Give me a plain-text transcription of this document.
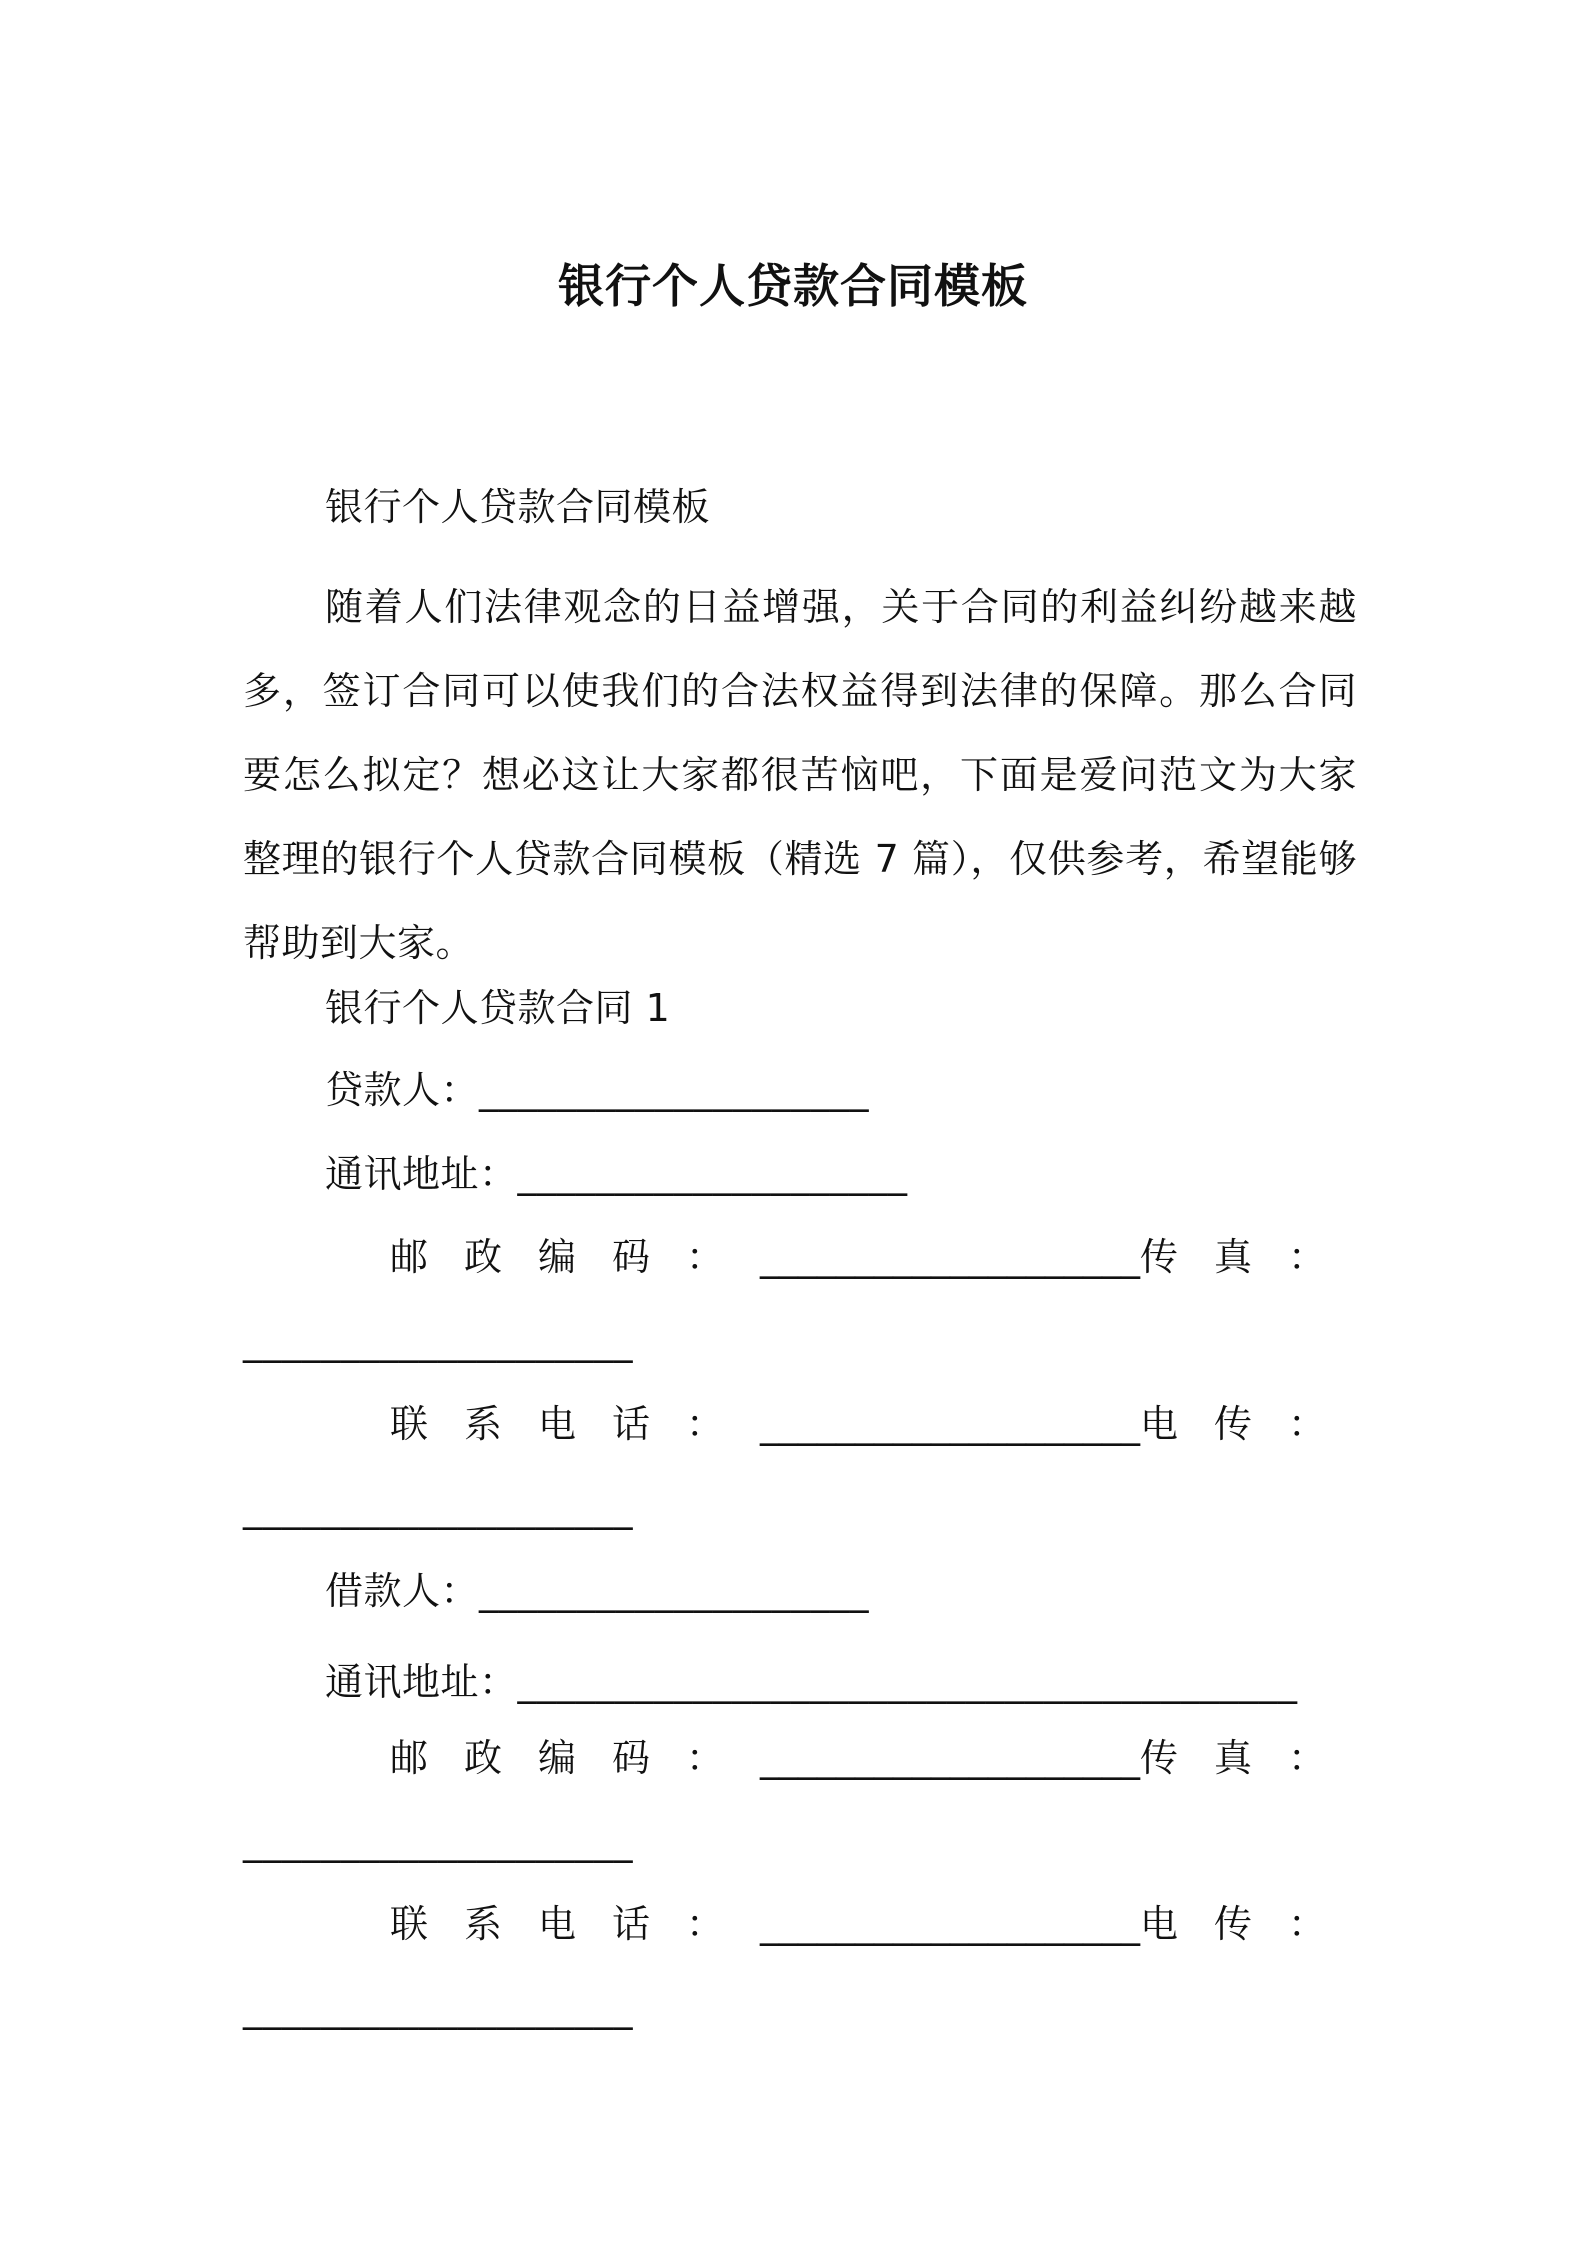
银行个人贷款合同模板
银行个人贷款合同模板
随着人们法律观念的日益增强，关于合同的利益纠纷越来越多，签订合同可以使我们的合法权益得到法律的保障。那么合同要怎么拟定？想必这让大家都很苦恼吧，下面是爱问范文为大家整理的银行个人贷款合同模板（精选 7 篇），仅供参考，希望能够帮助到大家。
银行个人贷款合同 1
贷款人：____________________
通讯地址：____________________
邮政编码：____________________传真：
____________________
联系电话：____________________电传：
____________________
借款人：____________________
通讯地址：________________________________________
邮政编码：____________________传真：
____________________
联系电话：____________________电传：
____________________
